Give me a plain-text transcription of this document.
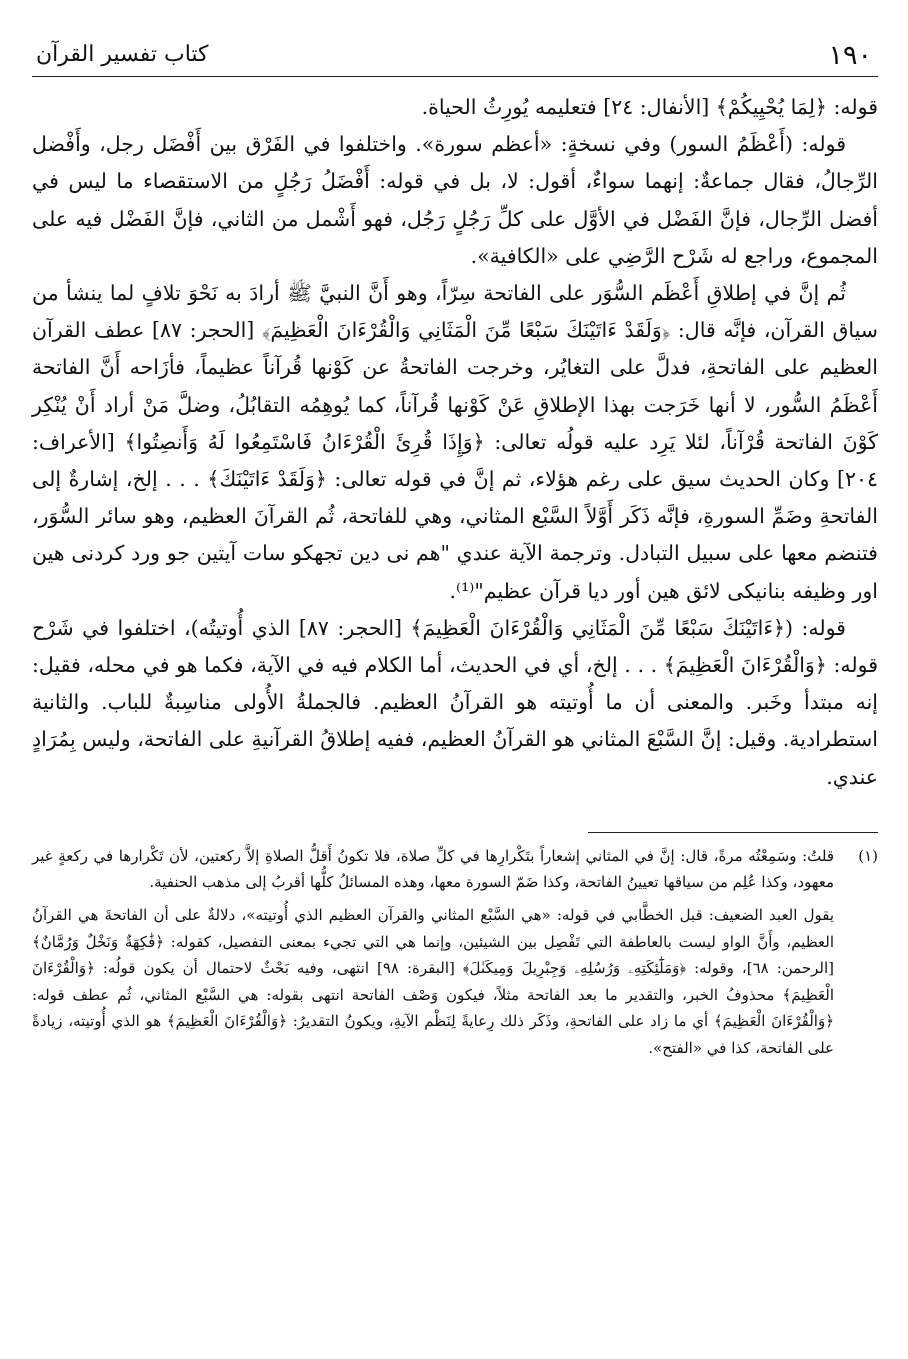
١٩٠
كتاب تفسير القرآن

قوله: ﴿لِمَا يُحْيِيكُمْ﴾ [الأنفال: ٢٤] فتعليمه يُورِثُ الحياة.

قوله: (أَعْظَمُ السور) وفي نسخةٍ: «أعظم سورة». واختلفوا في الفَرْق بين أَفْضَل رجل، وأَفْضل الرِّجالُ، فقال جماعةٌ: إنهما سواءٌ، أقول: لا، بل في قوله: أَفْضَلُ رَجُلٍ من الاستقصاء ما ليس في أفضل الرِّجال، فإنَّ الفَضْل في الأوَّل على كلِّ رَجُلٍ رَجُل، فهو أَشْمل من الثاني، فإنَّ الفَضْل فيه على المجموع، وراجع له شَرْح الرَّضِي على «الكافية».

ثُم إنَّ في إطلاقِ أَعْظَم السُّوَر على الفاتحة سِرّاً، وهو أَنَّ النبيَّ ﷺ أرادَ به نَحْوَ تلافٍ لما ينشأ من سياق القرآن، فإنَّه قال: ﴿وَلَقَدْ ءَاتَيْنَكَ سَبْعًا مِّنَ الْمَثَانِي وَالْقُرْءَانَ الْعَظِيمَ﴾ [الحجر: ٨٧] عطف القرآن العظيم على الفاتحةِ، فدلَّ على التغايُر، وخرجت الفاتحةُ عن كَوْنها قُرآناً عظيماً، فأزَاحه أَنَّ الفاتحة أَعْظَمُ السُّور، لا أنها خَرَجت بهذا الإطلاقِ عَنْ كَوْنها قُرآناً، كما يُوهِمُه التقابُلُ، وضلَّ مَنْ أراد أَنْ يُنْكِر كَوْنَ الفاتحة قُرْآناً، لئلا يَرِد عليه قولُه تعالى: ﴿وَإِذَا قُرِئَ الْقُرْءَانُ فَاسْتَمِعُوا لَهُ وَأَنصِتُوا﴾ [الأعراف: ٢٠٤] وكان الحديث سيق على رغم هؤلاء، ثم إنَّ في قوله تعالى: ﴿وَلَقَدْ ءَاتَيْنَكَ﴾ . . . إلخ، إشارةٌ إلى الفاتحةِ وضَمِّ السورةِ، فإنَّه ذَكَر أَوَّلاً السَّبْع المثاني، وهي للفاتحة، ثُم القرآنَ العظيم، وهو سائر السُّوَر، فتنضم معها على سبيل التبادل. وترجمة الآية عندي "هم نى دين تجهكو سات آيتين جو ورد كردنى هين اور وظيفه بنانيكى لائق هين أور ديا قرآن عظيم"⁽¹⁾.

قوله: (﴿ءَاتَيْنَكَ سَبْعًا مِّنَ الْمَثَانِي وَالْقُرْءَانَ الْعَظِيمَ﴾ [الحجر: ٨٧] الذي أُوتيتُه)، اختلفوا في شَرْح قوله: ﴿وَالْقُرْءَانَ الْعَظِيمَ﴾ . . . إلخ، أي في الحديث، أما الكلام فيه في الآية، فكما هو في محله، فقيل: إنه مبتدأ وخَبر. والمعنى أن ما أُوتيته هو القرآنُ العظيم. فالجملةُ الأُولى مناسِبةٌ للباب. والثانية استطرادية. وقيل: إنَّ السَّبْعَ المثاني هو القرآنُ العظيم، ففيه إطلاقُ القرآنيةِ على الفاتحة، وليس بِمُرَادٍ عندي.

(١)

قلتُ: وسَمِعْتُه مرةً، قال: إنَّ في المثاني إشعاراً بتَكْرارِها في كلِّ صلاة، فلا تكونُ أَقلُّ الصلاةِ إلاَّ ركعتين، لأن تَكْرارها في ركعةٍ غير معهود، وكذا عُلِم من سياقها تعيينُ الفاتحة، وكذا ضَمّ السورة معها، وهذه المسائلُ كلُّها أقربُ إلى مذهب الحنفية.

يقول العبد الضعيف: قبل الخطَّابي في قوله: «هي السَّبْع المثاني والقرآن العظيم الذي أُوتيته»، دلالةٌ على أن الفاتحةَ هي القرآنُ العظيم، وأَنَّ الواو ليست بالعاطفة التي تَفْصِل بين الشيئين، وإنما هي التي تجيء بمعنى التفصيل، كقوله: ﴿فَٰكِهَةٌ وَنَخْلٌ وَرُمَّانٌ﴾ [الرحمن: ٦٨]، وقوله: ﴿وَمَلَٰٓئِكَتِهِۦ وَرُسُلِهِۦ وَجِبْرِيلَ وَمِيكَىٰلَ﴾ [البقرة: ٩٨] انتهى، وفيه بَحْثٌ لاحتمال أن يكون قولُه: ﴿وَالْقُرْءَانَ الْعَظِيمَ﴾ محذوفُ الخبر، والتقدير ما بعد الفاتحة مثلاً، فيكون وَصْف الفاتحة انتهى بقوله: هي السَّبْع المثاني، ثُم عطف قوله: ﴿وَالْقُرْءَانَ الْعَظِيمَ﴾ أي ما زاد على الفاتحةِ، وذَكَر ذلك رِعايةً لِنَظْم الآيةِ، ويكونُ التقديرُ: ﴿وَالْقُرْءَانَ الْعَظِيمَ﴾ هو الذي أُوتيته، زيادةً على الفاتحة، كذا في «الفتح».
